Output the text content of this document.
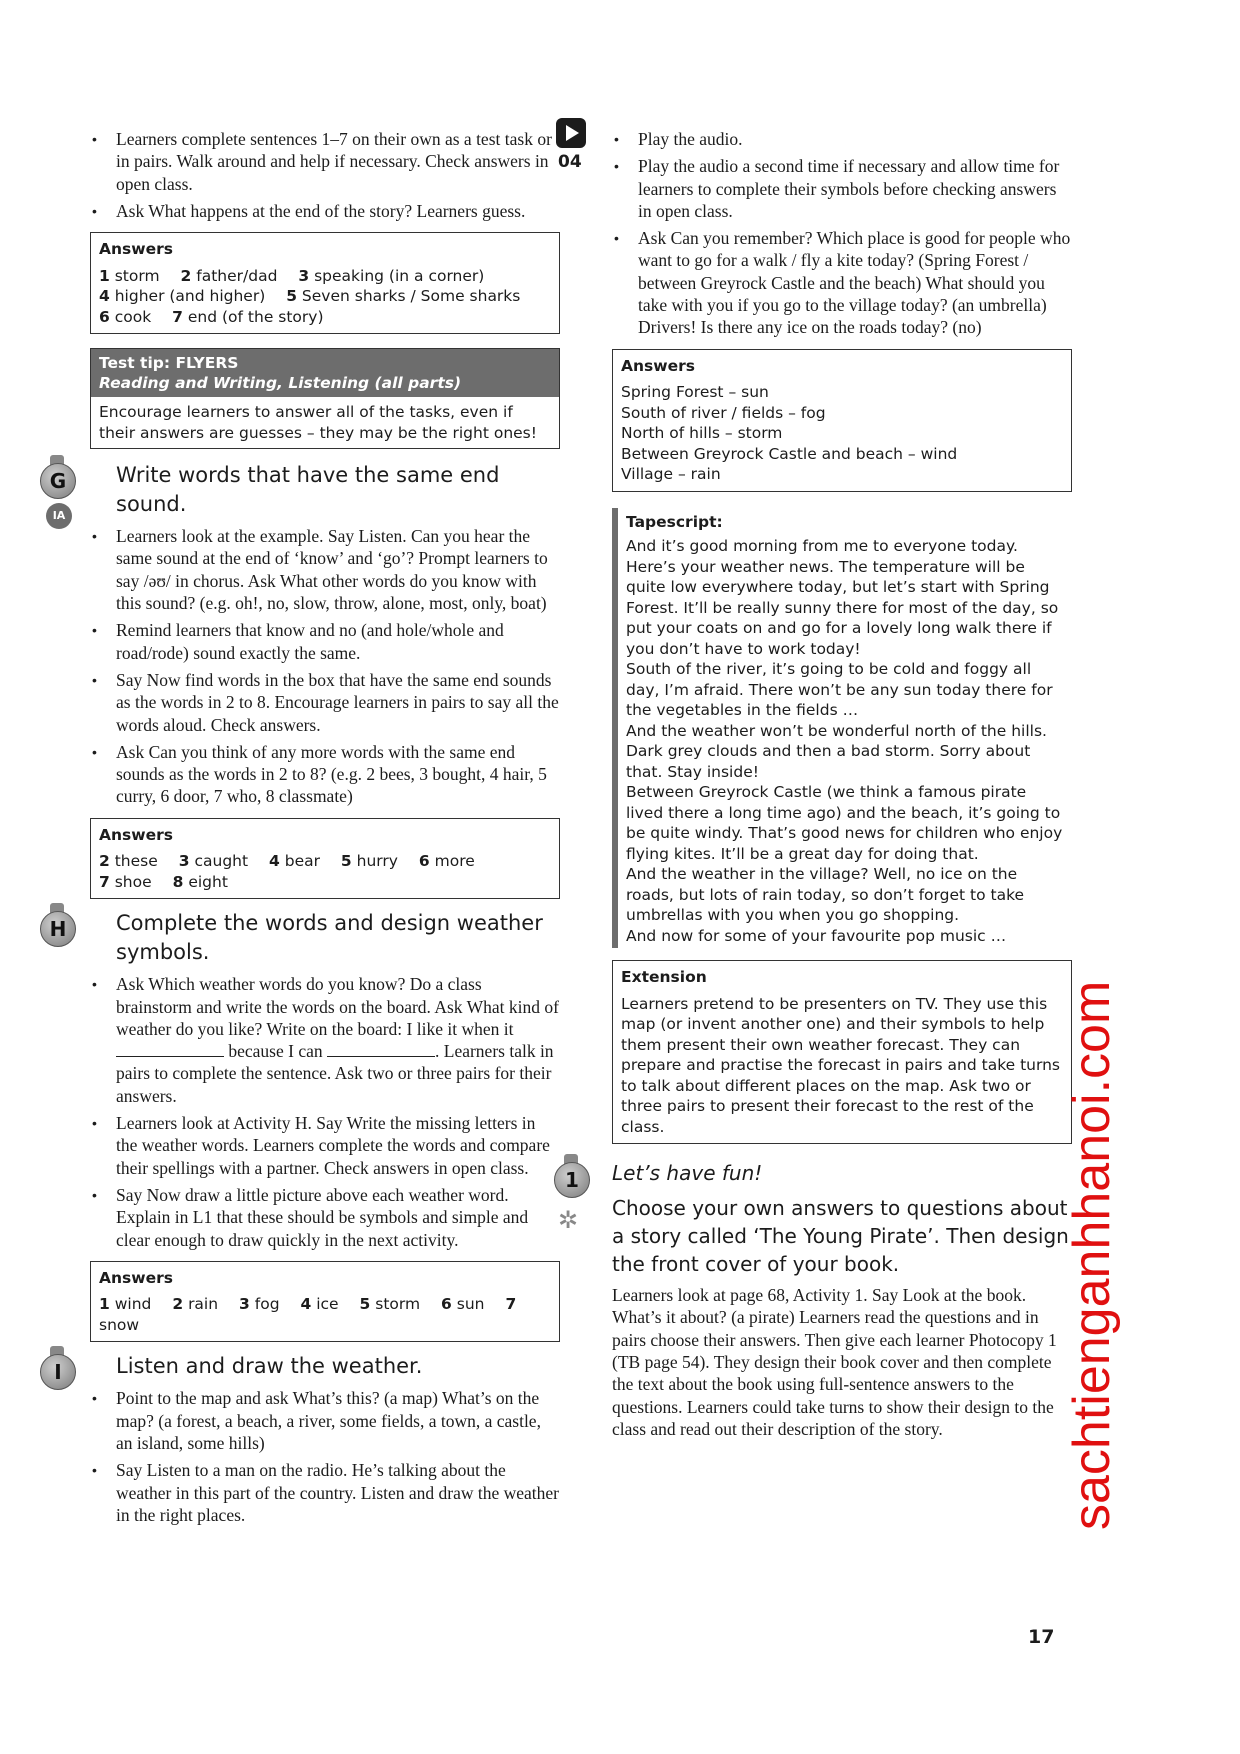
• Learners complete sentences 1–7 on their own as a test task or in pairs. Walk around and help if necessary. Check answers in open class.
• Ask What happens at the end of the story? Learners guess.
Answers
1 storm 2 father/dad 3 speaking (in a corner)
4 higher (and higher) 5 Seven sharks / Some sharks
6 cook 7 end (of the story)
Test tip: FLYERS
Reading and Writing, Listening (all parts)
Encourage learners to answer all of the tasks, even if their answers are guesses – they may be the right ones!
G
IA
Write words that have the same end sound.
• Learners look at the example. Say Listen. Can you hear the same sound at the end of ‘know’ and ‘go’? Prompt learners to say /əʊ/ in chorus. Ask What other words do you know with this sound? (e.g. oh!, no, slow, throw, alone, most, only, boat)
• Remind learners that know and no (and hole/whole and road/rode) sound exactly the same.
• Say Now find words in the box that have the same end sounds as the words in 2 to 8. Encourage learners in pairs to say all the words aloud. Check answers.
• Ask Can you think of any more words with the same end sounds as the words in 2 to 8? (e.g. 2 bees, 3 bought, 4 hair, 5 curry, 6 door, 7 who, 8 classmate)
Answers
2 these 3 caught 4 bear 5 hurry 6 more
7 shoe 8 eight
H	Complete the words and design weather symbols.
• Ask Which weather words do you know? Do a class brainstorm and write the words on the board. Ask What kind of weather do you like? Write on the board: I like it when it  because I can	. Learners talk in pairs to complete the sentence. Ask two or three pairs for their answers.
• Learners look at Activity H. Say Write the missing letters in the weather words. Learners complete the words and compare their spellings with a partner. Check answers in open class.
• Say Now draw a little picture above each weather word. Explain in L1 that these should be symbols and simple and clear enough to draw quickly in the next activity.
Answers
1 wind 2 rain 3 fog 4 ice 5 storm 6 sun 7 snow
I	Listen and draw the weather.
• Point to the map and ask What’s this? (a map) What’s on the map? (a forest, a beach, a river, some fields, a town, a castle, an island, some hills)
• Say Listen to a man on the radio. He’s talking about the weather in this part of the country. Listen and draw the weather in the right places.
04
• Play the audio.
• Play the audio a second time if necessary and allow time for learners to complete their symbols before checking answers in open class.
• Ask Can you remember? Which place is good for people who want to go for a walk / fly a kite today? (Spring Forest / between Greyrock Castle and the beach) What should you take with you if you go to the village today? (an umbrella) Drivers! Is there any ice on the roads today? (no)
Answers
Spring Forest – sun
South of river / fields – fog
North of hills – storm
Between Greyrock Castle and beach – wind
Village – rain
Tapescript:

And it’s good morning from me to everyone today. Here’s your weather news. The temperature will be quite low everywhere today, but let’s start with Spring Forest. It’ll be really sunny there for most of the day, so put your coats on and go for a lovely long walk there if you don’t have to work today!

South of the river, it’s going to be cold and foggy all day, I’m afraid. There won’t be any sun today there for the vegetables in the fields …

And the weather won’t be wonderful north of the hills. Dark grey clouds and then a bad storm. Sorry about that. Stay inside!

Between Greyrock Castle (we think a famous pirate lived there a long time ago) and the beach, it’s going to be quite windy. That’s good news for children who enjoy flying kites. It’ll be a great day for doing that.

And the weather in the village? Well, no ice on the roads, but lots of rain today, so don’t forget to take umbrellas with you when you go shopping.

And now for some of your favourite pop music …

Extension
Learners pretend to be presenters on TV. They use this map (or invent another one) and their symbols to help them present their own weather forecast. They can prepare and practise the forecast in pairs and take turns to talk about different places on the map. Ask two or three pairs to present their forecast to the rest of the class.
1
✲
Let’s have fun!
Choose your own answers to questions about a story called ‘The Young Pirate’. Then design the front cover of your book.

Learners look at page 68, Activity 1. Say Look at the book. What’s it about? (a pirate) Learners read the questions and in pairs choose their answers. Then give each learner Photocopy 1 (TB page 54). They design their book cover and then complete the text about the book using full-sentence answers to the questions. Learners could take turns to show their design to the class and read out their description of the story.

17
sachtienganhhanoi.com
